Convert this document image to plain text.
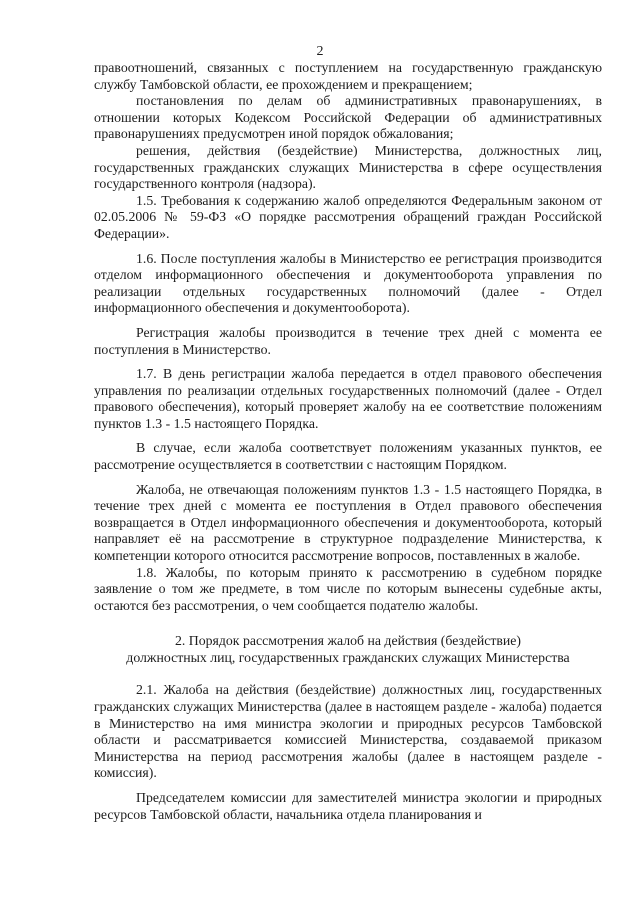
2

правоотношений, связанных с поступлением на государственную гражданскую службу Тамбовской области, ее прохождением и прекращением;

постановления по делам об административных правонарушениях, в отношении которых Кодексом Российской Федерации об административных правонарушениях предусмотрен иной порядок обжалования;

решения, действия (бездействие) Министерства, должностных лиц, государственных гражданских служащих Министерства в сфере осуществления государственного контроля (надзора).

1.5. Требования к содержанию жалоб определяются Федеральным законом от 02.05.2006 № 59-ФЗ «О порядке рассмотрения обращений граждан Российской Федерации».

1.6. После поступления жалобы в Министерство ее регистрация производится отделом информационного обеспечения и документооборота управления по реализации отдельных государственных полномочий (далее - Отдел информационного обеспечения и документооборота).

Регистрация жалобы производится в течение трех дней с момента ее поступления в Министерство.

1.7. В день регистрации жалоба передается в отдел правового обеспечения управления по реализации отдельных государственных полномочий (далее - Отдел правового обеспечения), который проверяет жалобу на ее соответствие положениям пунктов 1.3 - 1.5 настоящего Порядка.

В случае, если жалоба соответствует положениям указанных пунктов, ее рассмотрение осуществляется в соответствии с настоящим Порядком.

Жалоба, не отвечающая положениям пунктов 1.3 - 1.5 настоящего Порядка, в течение трех дней с момента ее поступления в Отдел правового обеспечения возвращается в Отдел информационного обеспечения и документооборота, который направляет её на рассмотрение в структурное подразделение Министерства, к компетенции которого относится рассмотрение вопросов, поставленных в жалобе.

1.8. Жалобы, по которым принято к рассмотрению в судебном порядке заявление о том же предмете, в том числе по которым вынесены судебные акты, остаются без рассмотрения, о чем сообщается подателю жалобы.

2. Порядок рассмотрения жалоб на действия (бездействие)
должностных лиц, государственных гражданских служащих Министерства

2.1. Жалоба на действия (бездействие) должностных лиц, государственных гражданских служащих Министерства (далее в настоящем разделе - жалоба) подается в Министерство на имя министра экологии и природных ресурсов Тамбовской области и рассматривается комиссией Министерства, создаваемой приказом Министерства на период рассмотрения жалобы (далее в настоящем разделе - комиссия).

Председателем комиссии для заместителей министра экологии и природных ресурсов Тамбовской области, начальника отдела планирования и
